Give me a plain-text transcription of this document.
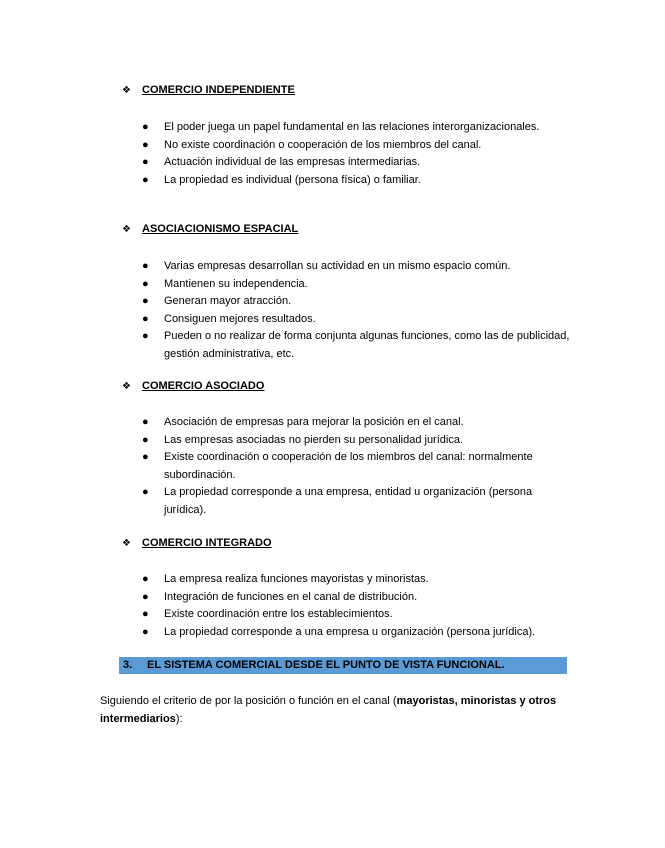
❖ COMERCIO INDEPENDIENTE
● El poder juega un papel fundamental en las relaciones interorganizacionales.
● No existe coordinación o cooperación de los miembros del canal.
● Actuación individual de las empresas intermediarias.
● La propiedad es individual (persona física) o familiar.
❖ ASOCIACIONISMO ESPACIAL
● Varias empresas desarrollan su actividad en un mismo espacio común.
● Mantienen su independencia.
● Generan mayor atracción.
● Consiguen mejores resultados.
● Pueden o no realizar de forma conjunta algunas funciones, como las de publicidad, gestión administrativa, etc.
❖ COMERCIO ASOCIADO
● Asociación de empresas para mejorar la posición en el canal.
● Las empresas asociadas no pierden su personalidad jurídica.
● Existe coordinación o cooperación de los miembros del canal: normalmente subordinación.
● La propiedad corresponde a una empresa, entidad u organización (persona jurídica).
❖ COMERCIO INTEGRADO
● La empresa realiza funciones mayoristas y minoristas.
● Integración de funciones en el canal de distribución.
● Existe coordinación entre los establecimientos.
● La propiedad corresponde a una empresa u organización (persona jurídica).
3. EL SISTEMA COMERCIAL DESDE EL PUNTO DE VISTA FUNCIONAL.
Siguiendo el criterio de por la posición o función en el canal (mayoristas, minoristas y otros intermediarios):
